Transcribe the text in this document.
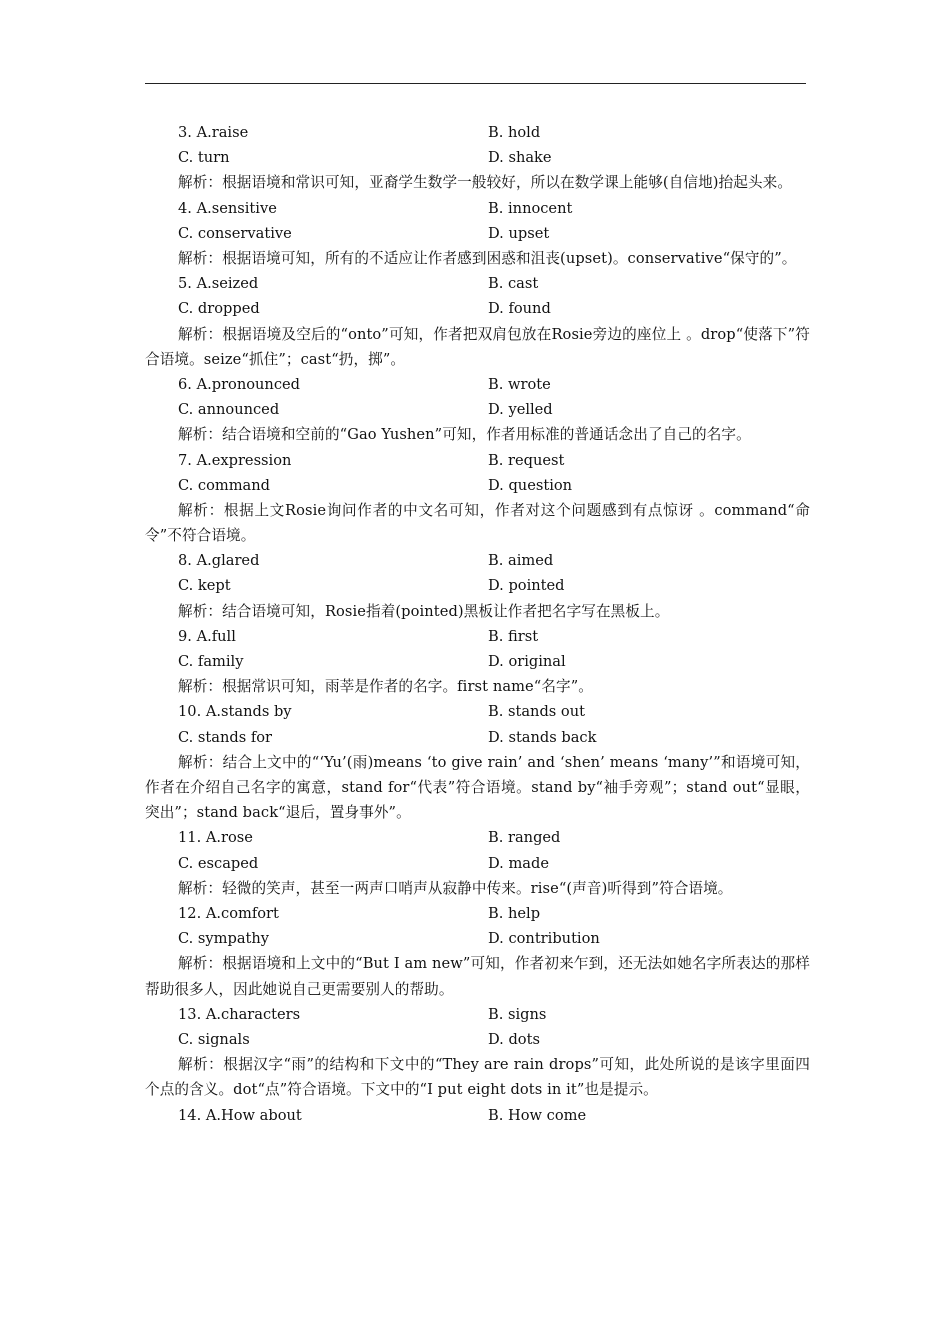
3. A.raise	B. hold
C. turn	D. shake

解析：根据语境和常识可知，亚裔学生数学一般较好，所以在数学课上能够(自信地)抬起头来。

4. A.sensitive	B. innocent
C. conservative	D. upset

解析：根据语境可知，所有的不适应让作者感到困惑和沮丧(upset)。conservative“保守的”。

5. A.seized	B. cast
C. dropped	D. found

解析：根据语境及空后的“onto”可知，作者把双肩包放在Rosie旁边的座位上 。drop“使落下”符合语境。seize“抓住”；cast“扔，掷”。

6. A.pronounced	B. wrote
C. announced	D. yelled

解析：结合语境和空前的“Gao Yushen”可知，作者用标准的普通话念出了自己的名字。

7. A.expression	B. request
C. command	D. question

解析：根据上文Rosie询问作者的中文名可知，作者对这个问题感到有点惊讶 。command“命令”不符合语境。

8. A.glared	B. aimed
C. kept	D. pointed

解析：结合语境可知，Rosie指着(pointed)黑板让作者把名字写在黑板上。

9. A.full	B. first
C. family	D. original

解析：根据常识可知，雨莘是作者的名字。first name“名字”。

10. A.stands by	B. stands out
C. stands for	D. stands back

解析：结合上文中的“‘Yu’(雨)means ‘to give rain’ and ‘shen’ means ‘many’”和语境可知，作者在介绍自己名字的寓意，stand for“代表”符合语境。stand by“袖手旁观”；stand out“显眼，突出”；stand back“退后，置身事外”。

11. A.rose	B. ranged
C. escaped	D. made

解析：轻微的笑声，甚至一两声口哨声从寂静中传来。rise“(声音)听得到”符合语境。

12. A.comfort	B. help
C. sympathy	D. contribution

解析：根据语境和上文中的“But I am new”可知，作者初来乍到，还无法如她名字所表达的那样帮助很多人，因此她说自己更需要别人的帮助。

13. A.characters	B. signs
C. signals	D. dots

解析：根据汉字“雨”的结构和下文中的“They are rain drops”可知，此处所说的是该字里面四个点的含义。dot“点”符合语境。下文中的“I put eight dots in it”也是提示。

14. A.How about	B. How come
